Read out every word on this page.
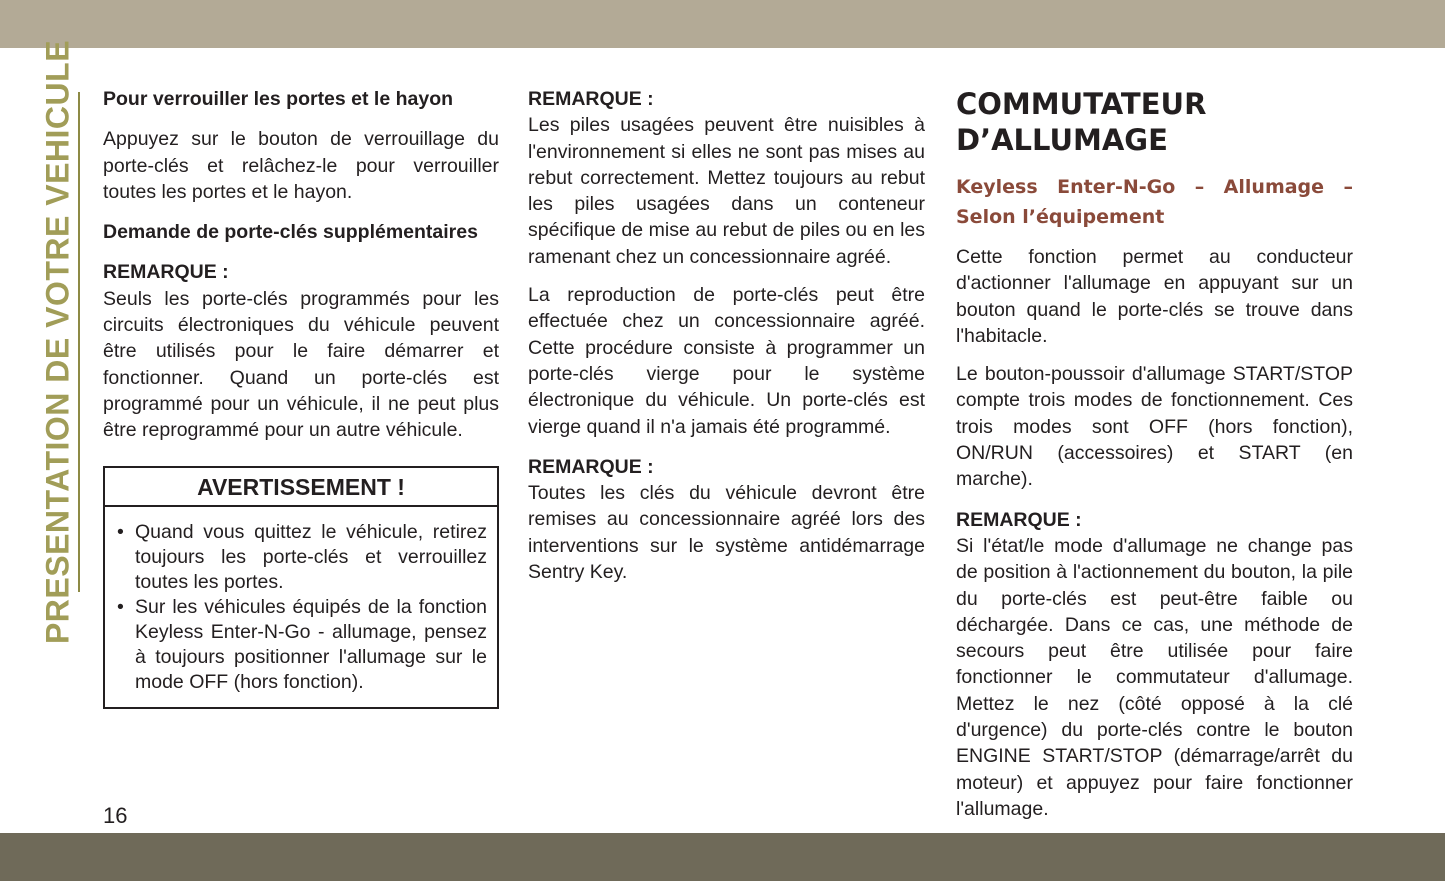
PRESENTATION DE VOTRE VEHICULE Pour verrouiller les portes et le hayon

Appuyez sur le bouton de verrouillage du porte-clés et relâchez-le pour verrouiller toutes les portes et le hayon.

Demande de porte-clés supplémentaires

REMARQUE :

Seuls les porte-clés programmés pour les circuits électroniques du véhicule peuvent être utilisés pour le faire démarrer et fonctionner. Quand un porte-clés est programmé pour un véhicule, il ne peut plus être reprogrammé pour un autre véhicule.

AVERTISSEMENT !
• Quand vous quittez le véhicule, retirez toujours les porte-clés et verrouillez toutes les portes.
• Sur les véhicules équipés de la fonction Keyless Enter-N-Go - allumage, pensez à toujours positionner l'allumage sur le mode OFF (hors fonction).

REMARQUE :

Les piles usagées peuvent être nuisibles à l'environnement si elles ne sont pas mises au rebut correctement. Mettez toujours au rebut les piles usagées dans un conteneur spécifique de mise au rebut de piles ou en les ramenant chez un concessionnaire agréé.

La reproduction de porte-clés peut être effectuée chez un concessionnaire agréé. Cette procédure consiste à programmer un porte-clés vierge pour le système électronique du véhicule. Un porte-clés est vierge quand il n'a jamais été programmé.

REMARQUE :

Toutes les clés du véhicule devront être remises au concessionnaire agréé lors des interventions sur le système antidémarrage Sentry Key.

COMMUTATEUR

D’ALLUMAGE

Keyless Enter-N-Go – Allumage – Selon l’équipement

Cette fonction permet au conducteur d'actionner l'allumage en appuyant sur un bouton quand le porte-clés se trouve dans l'habitacle.

Le bouton-poussoir d'allumage START/STOP compte trois modes de fonctionnement. Ces trois modes sont OFF (hors fonction), ON/RUN (accessoires) et START (en marche).

REMARQUE :

Si l'état/le mode d'allumage ne change pas de position à l'actionnement du bouton, la pile du porte-clés est peut-être faible ou déchargée. Dans ce cas, une méthode de secours peut être utilisée pour faire fonctionner le commutateur d'allumage. Mettez le nez (côté opposé à la clé d'urgence) du porte-clés contre le bouton ENGINE START/STOP (démarrage/arrêt du moteur) et appuyez pour faire fonctionner l'allumage.

16
